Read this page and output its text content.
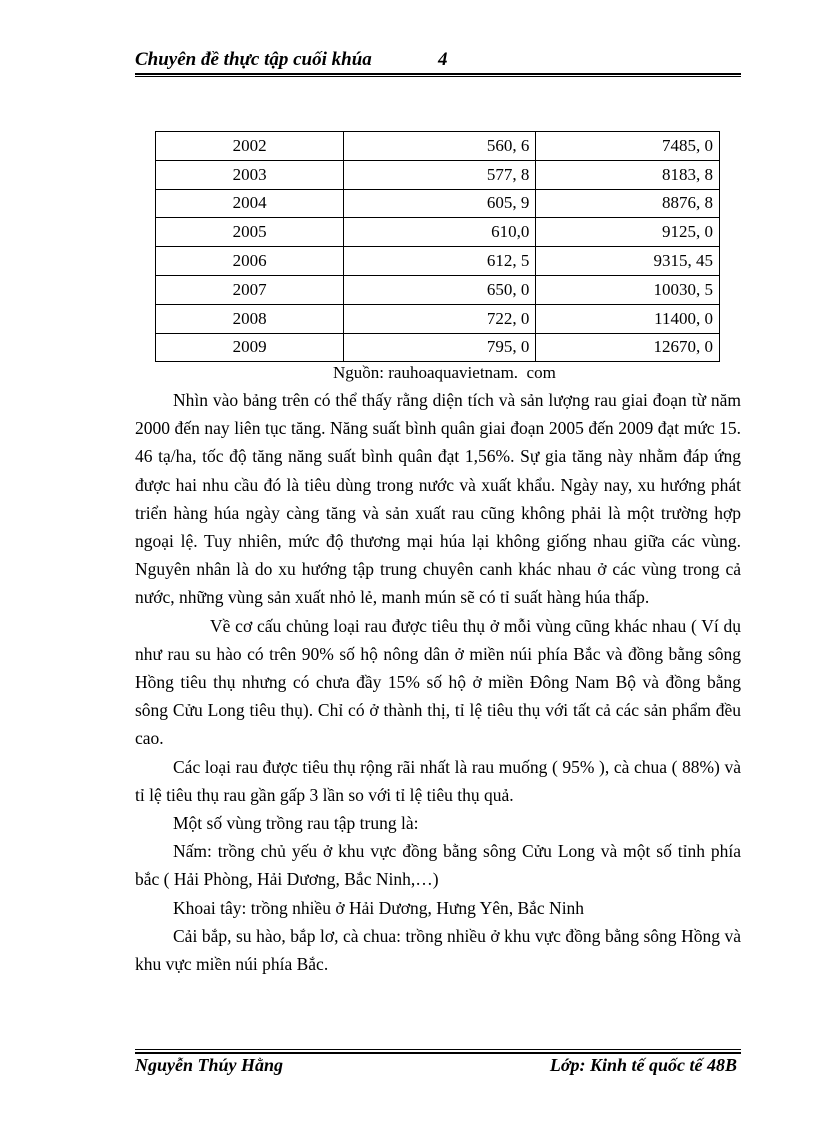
Chuyên đề thực tập cuối khúa	4
2002	560, 6	7485, 0
2003	577, 8	8183, 8
2004	605, 9	8876, 8
2005	610,0	9125, 0
2006	612, 5	9315, 45
2007	650, 0	10030, 5
2008	722, 0	11400, 0
2009	795, 0	12670, 0
Nguồn: rauhoaquavietnam.  com

Nhìn vào bảng trên có thể thấy rằng diện tích và sản lượng rau giai đoạn từ năm 2000 đến nay liên tục tăng. Năng suất bình quân giai đoạn 2005 đến 2009 đạt mức 15. 46 tạ/ha, tốc độ tăng năng suất bình quân đạt 1,56%. Sự gia tăng này nhằm đáp ứng được hai nhu cầu đó là tiêu dùng trong nước và xuất khẩu. Ngày nay, xu hướng phát triển hàng húa ngày càng tăng và sản xuất rau cũng không phải là một trường hợp ngoại lệ. Tuy nhiên, mức độ thương mại húa lại không giống nhau giữa các vùng. Nguyên nhân là do xu hướng tập trung chuyên canh khác nhau ở các vùng trong cả nước, những vùng sản xuất nhỏ lẻ, manh mún sẽ có tỉ suất hàng húa thấp.

Về cơ cấu chủng loại rau được tiêu thụ ở mỗi vùng cũng khác nhau ( Ví dụ như rau su hào có trên 90% số hộ nông dân ở miền núi phía Bắc và đồng bằng sông Hồng tiêu thụ nhưng có chưa đầy 15% số hộ ở miền Đông Nam Bộ và đồng bằng sông Cửu Long tiêu thụ). Chỉ có ở thành thị, tỉ lệ tiêu thụ với tất cả các sản phẩm đều cao.

Các loại rau được tiêu thụ rộng rãi nhất là rau muống ( 95% ), cà chua ( 88%) và tỉ lệ tiêu thụ rau gần gấp 3 lần so với tỉ lệ tiêu thụ quả.

Một số vùng trồng rau tập trung là:

Nấm: trồng chủ yếu ở khu vực đồng bằng sông Cửu Long và một số tỉnh phía bắc ( Hải Phòng, Hải Dương, Bắc Ninh,…)

Khoai tây: trồng nhiều ở Hải Dương, Hưng Yên, Bắc Ninh

Cải bắp, su hào, bắp lơ, cà chua: trồng nhiều ở khu vực đồng bằng sông Hồng và khu vực miền núi phía Bắc.

Nguyễn Thúy Hằng	Lớp: Kinh tế quốc tế 48B
